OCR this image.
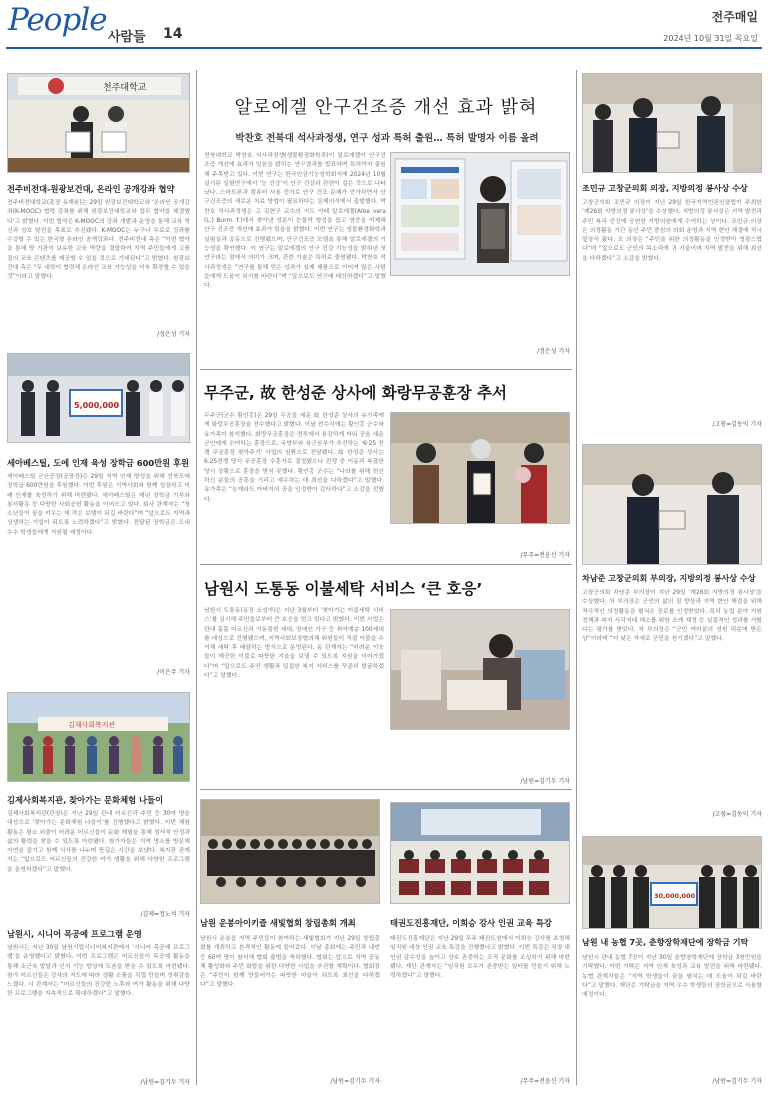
People 사람들 14
전주매일
2024년 10월 31일 목요일
천주대학교
전주비전대-원광보건대, 온라인 공개강좌 협약
전주비전대학교(총장 유재윤)는 29일 원광보건대학교와 ‘온라인 공개강좌(K-MOOC) 협력 강좌를 위해 원광보건대학교와 업무 협약을 체결했다’고 밝혔다. 이번 협약은 K-MOOC의 강좌 개발과 운영을 통해 교육 혁신과 상호 발전을 목표로 추진됐다. K-MOOC는 누구나 무료로 강좌를 수강할 수 있는 한국형 온라인 공개강좌다. 전주비전대 측은 “이번 협약을 통해 양 기관이 보유한 교육 역량을 결합하여 지역 주민들에게 고품질의 교육 콘텐츠를 제공할 수 있을 것으로 기대된다”고 밝혔다. 원광보건대 측은 “두 대학이 협력해 온라인 교육 가능성을 더욱 확장할 수 있을 것”이라고 말했다.
/정은성 기자
5,000,000
세아베스틸, 도에 인재 육성 장학금 600만원 후원
세아베스틸 군산공장(공장장)은 29일 지역 인재 양성을 위해 전북도에 장학금 600만원을 후원했다. 이번 후원은 지역사회와 함께 성장하고 미래 인재를 육성하기 위해 마련됐다. 세아베스틸은 매년 장학금 기부와 봉사활동 등 다양한 사회공헌 활동을 이어오고 있다. 회사 관계자는 “청소년들이 꿈을 키우는 데 작은 보탬이 되길 바란다”며 “앞으로도 지역과 상생하는 기업이 되도록 노력하겠다”고 밝혔다. 전달된 장학금은 도내 우수 학생들에게 지원될 예정이다.
/이은주 기자
김제사회복지관
김제사회복지관, 찾아가는 문화체험 나들이
김제사회복지관(관장)은 지난 29일 관내 어르신과 주민 등 30여 명을 대상으로 ‘찾아가는 문화체험 나들이’를 진행했다고 밝혔다. 이번 체험활동은 평소 외출이 어려운 어르신들이 문화 체험을 통해 정서적 안정과 삶의 활력을 찾을 수 있도록 마련됐다. 참가자들은 지역 명소를 방문해 자연을 즐기고 함께 식사를 나누며 뜻깊은 시간을 보냈다. 복지관 관계자는 “앞으로도 어르신들의 건강한 여가 생활을 위해 다양한 프로그램을 운영하겠다”고 말했다.
/김제=정노석 기자
남원시, 시니어 목공예 프로그램 운영
남원시는 지난 30일 남원시립시니어복지관에서 ‘시니어 목공예 프로그램’을 운영했다고 밝혔다. 이번 프로그램은 어르신들이 목공예 활동을 통해 소근육 발달과 인지 기능 향상에 도움을 받을 수 있도록 마련됐다. 참가 어르신들은 강사의 지도에 따라 생활 소품을 직접 만들며 성취감을 느꼈다. 시 관계자는 “어르신들의 건강한 노후와 여가 활동을 위해 다양한 프로그램을 지속적으로 확대하겠다”고 말했다.
/남원=김기두 기자
알로에겔 안구건조증 개선 효과 밝혀
박찬호 전북대 석사과정생, 연구 성과 특허 출원… 특허 발명자 이름 올려
전북대학교 박찬호 석사과정생(생물환경화학과)이 알로에겔이 안구건조증 개선에 효과가 있음을 밝히는 연구결과를 발표하며 특허까지 출원해 주목받고 있다. 이번 연구는 한국인삼기능성학회지에 2024년 10월 실시된 실험연구에서 ‘눈 건강’이 안구 건강과 관련이 깊은 것으로 나타났다. 스마트폰과 컴퓨터 사용 증가로 안구 건조 문제가 증가하면서 안구건조증의 새로운 치료 방법이 필요하다는 문제의식에서 출발했다. 박찬호 석사과정생은 고 김현구 교수의 지도 아래 알로에겔(Aloe vera (L.) Burm. f.)에서 찾아낸 성분이 눈물막 형성을 돕고 염증을 억제해 안구 건조증 개선에 효과가 있음을 밝혔다. 이번 연구는 생물환경화학과 실험실과 공동으로 진행됐으며, 안구건조증 모델을 통해 알로에겔의 기능성을 확인했다. 이 연구는 알로에겔의 안구 건강 기능성을 밝혀낸 첫 연구라는 점에서 의미가 크며, 관련 기술은 특허로 출원됐다. 박찬호 석사과정생은 “연구를 통해 얻은 성과가 실제 제품으로 이어져 많은 사람들에게 도움이 되기를 바란다”며 “앞으로도 연구에 매진하겠다”고 말했다.
/정은성 기자
무주군, 故 한성준 상사에 화랑무공훈장 추서
무주군(군수 황인홍)은 29일 무공을 세운 故 한성준 상사의 유가족에게 화랑무공훈장을 전수했다고 밝혔다. 이날 전수식에는 황인홍 군수와 유가족이 참석했다. 화랑무공훈장은 전투에서 용감하게 싸워 공을 세운 군인에게 수여하는 훈장으로, 국방부와 육군본부가 추진하는 ‘6·25 전쟁 무공훈장 찾아주기’ 사업의 일환으로 전달됐다. 故 한성준 상사는 6.25전쟁 당시 무공훈장 수훈자로 결정됐으나 전쟁 중 이동과 복잡한 당시 상황으로 훈장을 받지 못했다. 황인홍 군수는 “나라를 위해 헌신하신 분들의 공훈을 기리고 예우하는 데 최선을 다하겠다”고 말했다. 유가족은 “늦게라도 아버지의 공을 인정받아 감사하다”고 소감을 전했다.
/무주=전윤신 기자
남원시 도통동 이불세탁 서비스 ‘큰 호응’
남원시 도통동(동장 소성자)은 지난 3월부터 ‘찾아가는 이불세탁 서비스’를 실시해 주민들로부터 큰 호응을 얻고 있다고 밝혔다. 이번 사업은 관내 홀몸 어르신과 거동불편 세대, 장애인 가구 등 취약계층 100세대를 대상으로 진행됐으며, 지역사회보장협의체 위원들이 직접 이불을 수거해 세탁 후 배달하는 방식으로 운영된다. 동 관계자는 “어려운 이웃들이 깨끗한 이불로 따뜻한 겨울을 보낼 수 있도록 지원을 이어가겠다”며 “앞으로도 주민 생활과 밀접한 복지 서비스를 꾸준히 발굴하겠다”고 말했다.
/남원=김기두 기자
남원 운봉아이키즐 새빛협회 창립총회 개최
남원시 운봉읍 지역 주민들이 참여하는 새빛협회가 지난 29일 창립총회를 개최하고 본격적인 활동에 들어갔다. 이날 총회에는 주민과 내빈 등 60여 명이 참석해 협회 출범을 축하했다. 협회는 앞으로 지역 공동체 활성화와 주민 화합을 위한 다양한 사업을 추진할 계획이다. 협회장은 “주민이 함께 만들어가는 따뜻한 마을이 되도록 최선을 다하겠다”고 말했다.
/남원=김기두 기자
태권도진흥재단, 이희승 강사 인권 교육 특강
태권도진흥재단은 지난 29일 무주 태권도원에서 이희승 강사를 초청해 임직원 대상 인권 교육 특강을 진행했다고 밝혔다. 이번 특강은 직장 내 인권 감수성을 높이고 상호 존중하는 조직 문화를 조성하기 위해 마련됐다. 재단 관계자는 “임직원 모두가 존중받는 일터를 만들기 위해 노력하겠다”고 말했다.
/무주=전윤신 기자
조민규 고창군의회 의장, 지방의정 봉사상 수상
고창군의회 조민규 의장이 지난 29일 한국지역언론인클럽이 주최한 ‘제26회 지방의정 봉사상’을 수상했다. 지방의정 봉사상은 지역 발전과 주민 복리 증진에 공헌한 지방의원에게 수여하는 상이다. 조민규 의장은 의정활동 기간 동안 주민 중심의 의회 운영과 지역 현안 해결에 적극 앞장서 왔다. 조 의장은 “주민을 위한 의정활동을 인정받아 영광스럽다”며 “앞으로도 군민의 목소리에 귀 기울이며 지역 발전을 위해 최선을 다하겠다”고 소감을 밝혔다.
/고창=김동익 기자
차남준 고창군의회 부의장, 지방의정 봉사상 수상
고창군의회 차남준 부의장이 지난 29일 ‘제26회 지방의정 봉사상’을 수상했다. 차 부의장은 군민의 삶의 질 향상과 지역 현안 해결을 위해 적극적인 의정활동을 펼쳐온 공로를 인정받았다. 특히 농업 분야 지원 정책과 복지 사각지대 해소를 위한 조례 제정 등 실질적인 성과를 거뒀다는 평가를 받았다. 차 부의장은 “군민 여러분의 성원 덕분에 받은 상”이라며 “더 낮은 자세로 군민을 섬기겠다”고 말했다.
/고창=김동익 기자
30,000,000
남원 내 농협 7곳, 춘향장학재단에 장학금 기탁
남원시 관내 농협 7곳이 지난 30일 춘향장학재단에 장학금 3천만원을 기탁했다. 이번 기탁은 지역 인재 육성과 교육 발전을 위해 마련됐다. 농협 관계자들은 “지역 학생들이 꿈을 펼치는 데 도움이 되길 바란다”고 말했다. 재단은 기탁금을 지역 우수 학생들의 장학금으로 사용할 예정이다.
/남원=김기두 기자
